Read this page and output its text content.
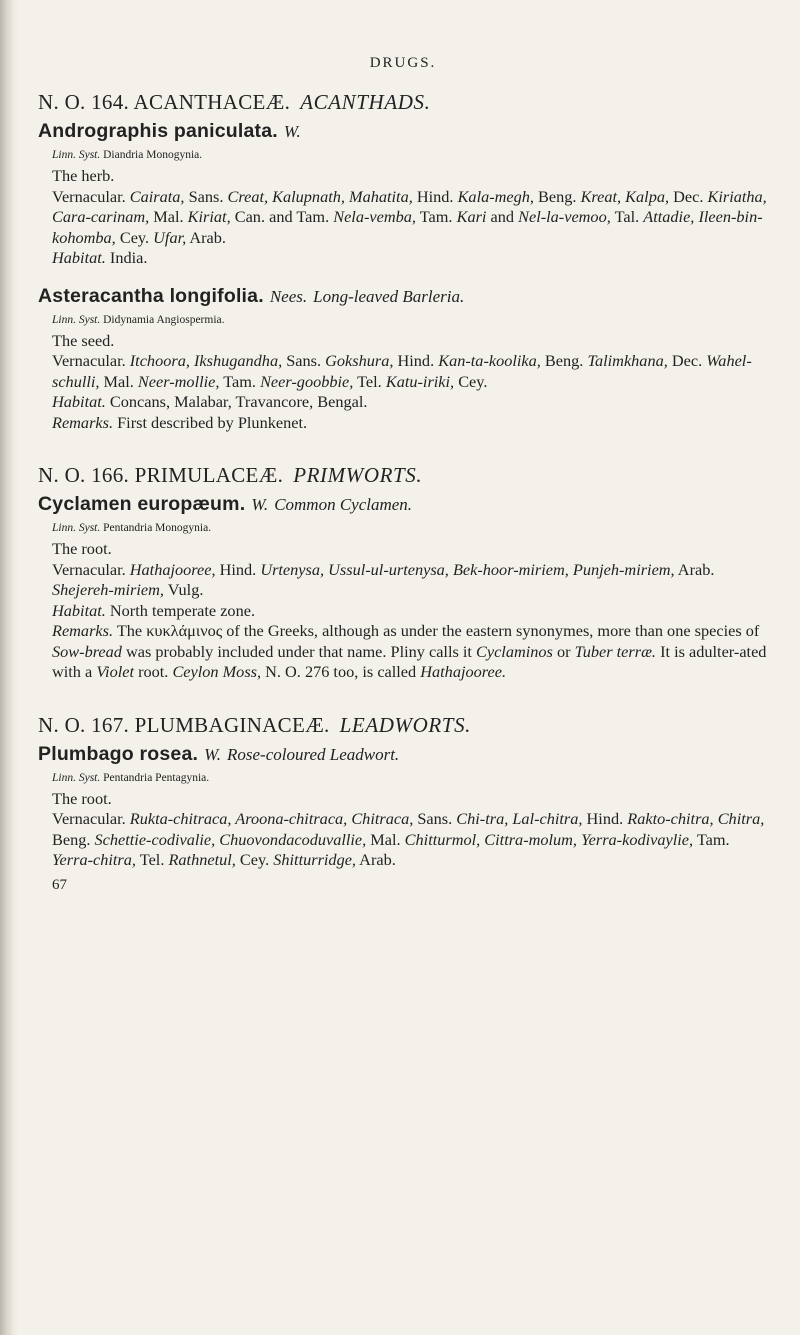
DRUGS.
N. O. 164. ACANTHACEÆ. ACANTHADS.
Andrographis paniculata. W.
Linn. Syst. Diandria Monogynia.
The herb.
Vernacular. Cairata, Sans. Creat, Kalupnath, Mahatita, Hind. Kala-megh, Beng. Kreat, Kalpa, Dec. Kiriatha, Cara-carinam, Mal. Kiriat, Can. and Tam. Nela-vemba, Tam. Kari and Nel-la-vemoo, Tal. Attadie, Ileen-bin-kohomba, Cey. Ufar, Arab.
Habitat. India.
Asteracantha longifolia. Nees. Long-leaved Barleria.
Linn. Syst. Didynamia Angiospermia.
The seed.
Vernacular. Itchoora, Ikshugandha, Sans. Gokshura, Hind. Kan-ta-koolika, Beng. Talimkhana, Dec. Wahel-schulli, Mal. Neer-mollie, Tam. Neer-goobbie, Tel. Katu-iriki, Cey.
Habitat. Concans, Malabar, Travancore, Bengal.
Remarks. First described by Plunkenet.
N. O. 166. PRIMULACEÆ. PRIMWORTS.
Cyclamen europæum. W. Common Cyclamen.
Linn. Syst. Pentandria Monogynia.
The root.
Vernacular. Hathajooree, Hind. Urtenysa, Ussul-ul-urtenysa, Bek-hoor-miriem, Punjeh-miriem, Arab. Shejereh-miriem, Vulg.
Habitat. North temperate zone.
Remarks. The κυκλάμινος of the Greeks, although as under the eastern synonymes, more than one species of Sow-bread was probably included under that name. Pliny calls it Cyclaminos or Tuber terræ. It is adulter-ated with a Violet root. Ceylon Moss, N. O. 276 too, is called Hathajooree.
N. O. 167. PLUMBAGINACEÆ. LEADWORTS.
Plumbago rosea. W. Rose-coloured Leadwort.
Linn. Syst. Pentandria Pentagynia.
The root.
Vernacular. Rukta-chitraca, Aroona-chitraca, Chitraca, Sans. Chi-tra, Lal-chitra, Hind. Rakto-chitra, Chitra, Beng. Schettie-codivalie, Chuovondacoduvallie, Mal. Chitturmol, Cittra-molum, Yerra-kodivaylie, Tam. Yerra-chitra, Tel. Rathnetul, Cey. Shitturridge, Arab.
67
